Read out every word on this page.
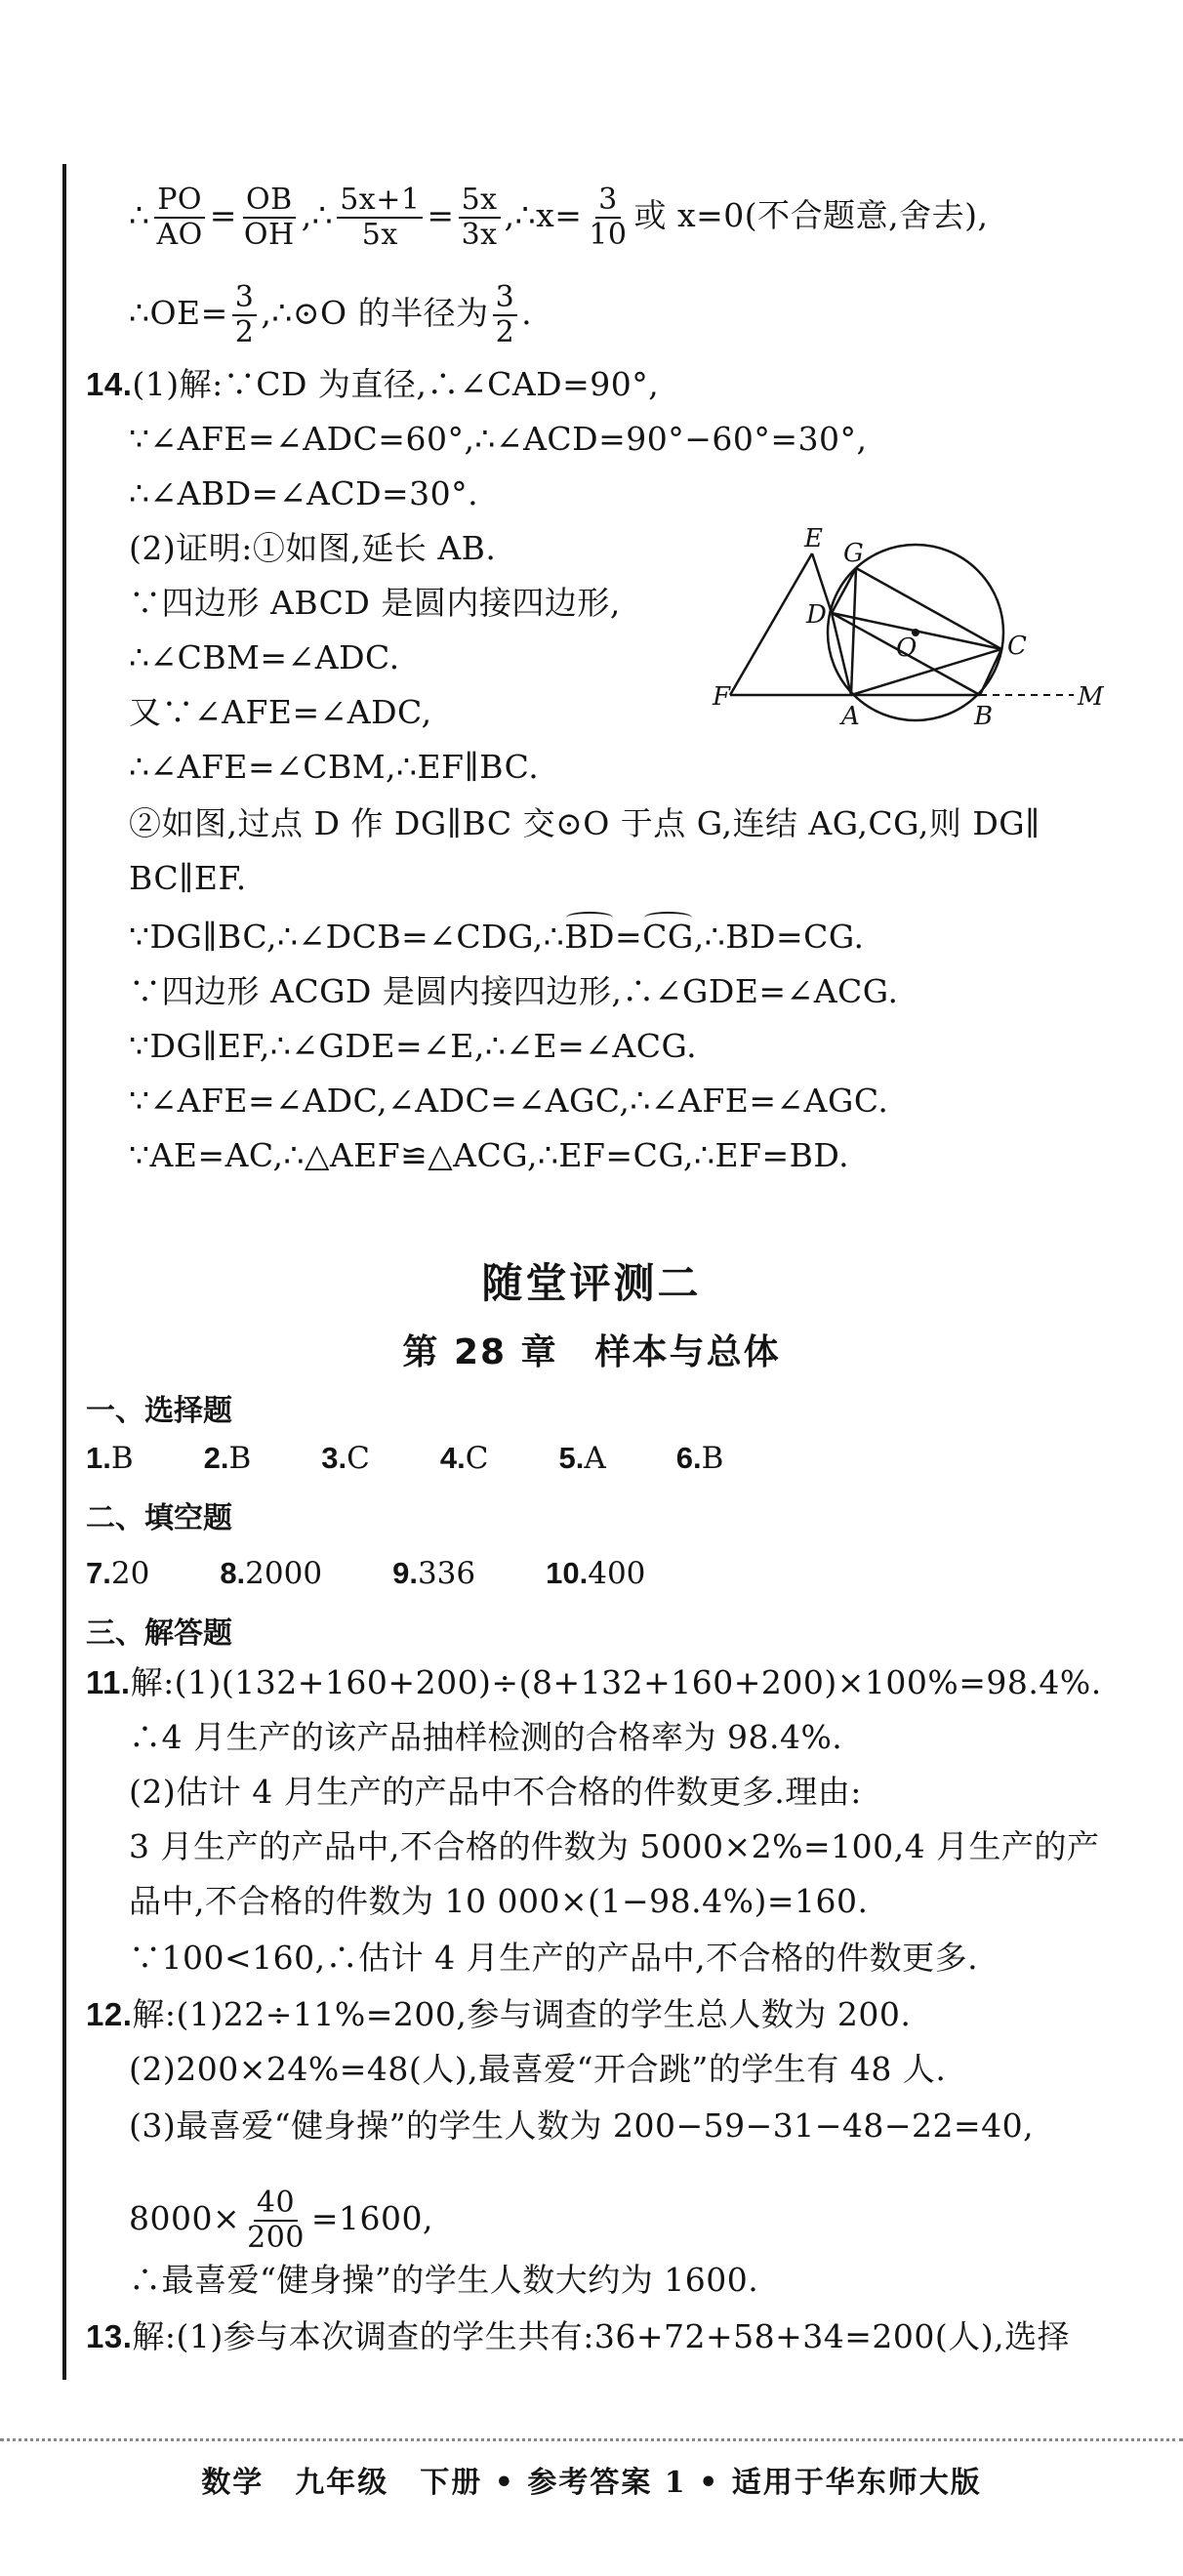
∴ $\frac{PO}{AO} = \frac{OB}{OH}$ ,∴ $\frac{5x+1}{5x} = \frac{5x}{3x}$ ,∴x= $\frac{3}{10}$ 或 x=0(不合题意,舍去),
∴OE= $\frac{3}{2}$ ,∴⊙O 的半径为 $\frac{3}{2}$ .
14.(1)解:∵CD 为直径,∴∠CAD=90°,
∵∠AFE=∠ADC=60°,∴∠ACD=90°−60°=30°,
∴∠ABD=∠ACD=30°.
(2)证明:①如图,延长 AB.
∵四边形 ABCD 是圆内接四边形,
∴∠CBM=∠ADC.
又∵∠AFE=∠ADC,
∴∠AFE=∠CBM,∴EF∥BC.
②如图,过点 D 作 DG∥BC 交⊙O 于点 G,连结 AG,CG,则 DG∥
BC∥EF.
∵DG∥BC,∴∠DCB=∠CDG,∴BD=CG,∴BD=CG.
∵四边形 ACGD 是圆内接四边形,∴∠GDE=∠ACG.
∵DG∥EF,∴∠GDE=∠E,∴∠E=∠ACG.
∵∠AFE=∠ADC,∠ADC=∠AGC,∴∠AFE=∠AGC.
∵AE=AC,∴△AEF≌△ACG,∴EF=CG,∴EF=BD.
E G
D
C
O
F
A	B
M
随堂评测二
第 28 章　样本与总体
一、选择题
1.B 2.B 3.C 4.C 5.A 6.B
二、填空题
7.20 8.2000 9.336 10.400
三、解答题
11.解:(1)(132+160+200)÷(8+132+160+200)×100%=98.4%.
∴4 月生产的该产品抽样检测的合格率为 98.4%.
(2)估计 4 月生产的产品中不合格的件数更多.理由:
3 月生产的产品中,不合格的件数为 5000×2%=100,4 月生产的产
品中,不合格的件数为 10 000×(1−98.4%)=160.
∵100<160,∴估计 4 月生产的产品中,不合格的件数更多.
12.解:(1)22÷11%=200,参与调查的学生总人数为 200.
(2)200×24%=48(人),最喜爱“开合跳”的学生有 48 人.
(3)最喜爱“健身操”的学生人数为 200−59−31−48−22=40,
$8000\times \frac{40}{200} =1600$,
∴最喜爱“健身操”的学生人数大约为 1600.
13.解:(1)参与本次调查的学生共有:36+72+58+34=200(人),选择
数学　九年级　下册 • 参考答案 1 • 适用于华东师大版
